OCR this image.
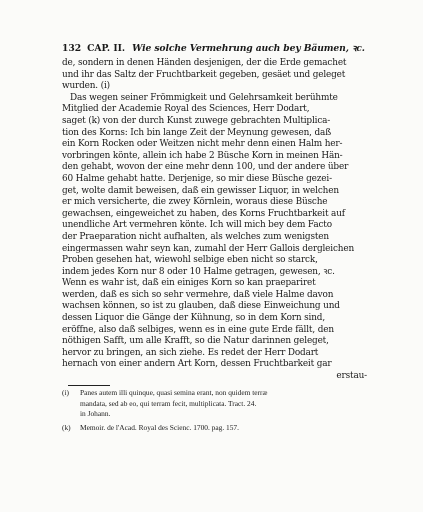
132 CAP. II. Wie solche Vermehrung auch bey Bäumen, ꝛc.
de, sondern in denen Händen desjenigen, der die Erde gemachet
und ihr das Saltz der Fruchtbarkeit gegeben, gesäet und geleget
wurden. (i)
Das wegen seiner Frömmigkeit und Gelehrsamkeit berühmte
Mitglied der Academie Royal des Sciences, Herr Dodart,
saget (k) von der durch Kunst zuwege gebrachten Multiplica-
tion des Korns: Ich bin lange Zeit der Meynung gewesen, daß
ein Korn Rocken oder Weitzen nicht mehr denn einen Halm her-
vorbringen könte, allein ich habe 2 Büsche Korn in meinen Hän-
den gehabt, wovon der eine mehr denn 100, und der andere über
60 Halme gehabt hatte. Derjenige, so mir diese Büsche gezei-
get, wolte damit beweisen, daß ein gewisser Liquor, in welchen
er mich versicherte, die zwey Körnlein, woraus diese Büsche
gewachsen, eingeweichet zu haben, des Korns Fruchtbarkeit auf
unendliche Art vermehren könte. Ich will mich bey dem Facto
der Praeparation nicht aufhalten, als welches zum wenigsten
eingermassen wahr seyn kan, zumahl der Herr Gallois dergleichen
Proben gesehen hat, wiewohl selbige eben nicht so starck,
indem jedes Korn nur 8 oder 10 Halme getragen, gewesen, ꝛc.
Wenn es wahr ist, daß ein einiges Korn so kan praepariret
werden, daß es sich so sehr vermehre, daß viele Halme davon
wachsen können, so ist zu glauben, daß diese Einweichung und
dessen Liquor die Gänge der Kühnung, so in dem Korn sind,
eröffne, also daß selbiges, wenn es in eine gute Erde fällt, den
nöthigen Safft, um alle Krafft, so die Natur darinnen geleget,
hervor zu bringen, an sich ziehe. Es redet der Herr Dodart
hernach von einer andern Art Korn, dessen Fruchtbarkeit gar
erstau-
(i) Panes autem illi quinque, quasi semina erant, non quidem terræ
mandata, sed ab eo, qui terram fecit, multiplicata. Tract. 24.
in Johann.
(k) Memoir. de l'Acad. Royal des Scienc. 1700. pag. 157.
